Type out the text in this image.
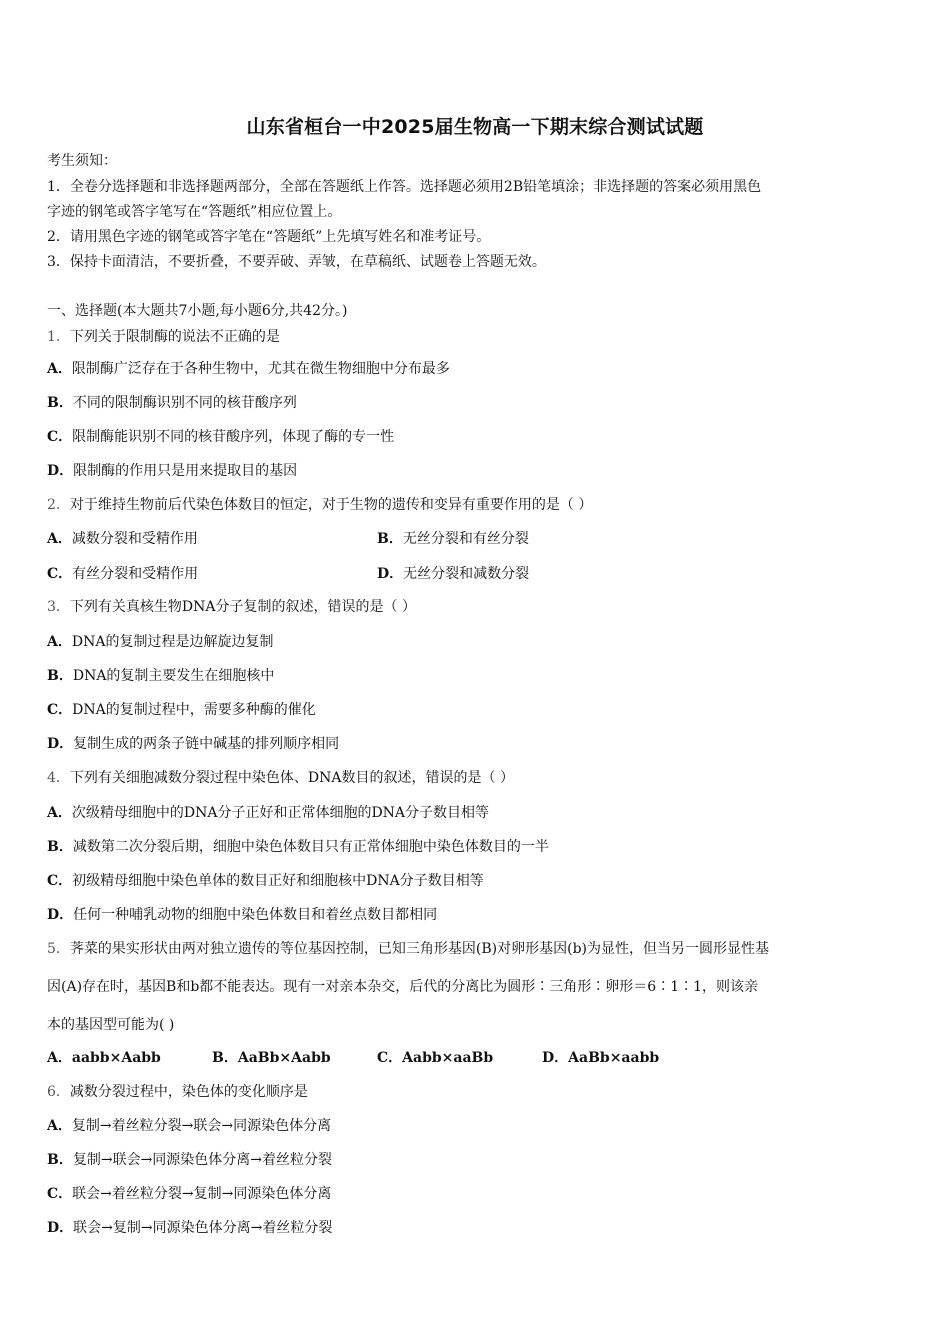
山东省桓台一中2025届生物高一下期末综合测试试题
考生须知：
1．全卷分选择题和非选择题两部分，全部在答题纸上作答。选择题必须用2B铅笔填涂；非选择题的答案必须用黑色
字迹的钢笔或答字笔写在“答题纸”相应位置上。
2．请用黑色字迹的钢笔或答字笔在“答题纸”上先填写姓名和准考证号。
3．保持卡面清洁，不要折叠，不要弄破、弄皱，在草稿纸、试题卷上答题无效。
一、选择题(本大题共7小题,每小题6分,共42分。)
1．下列关于限制酶的说法不正确的是
A．限制酶广泛存在于各种生物中，尤其在微生物细胞中分布最多
B．不同的限制酶识别不同的核苷酸序列
C．限制酶能识别不同的核苷酸序列，体现了酶的专一性
D．限制酶的作用只是用来提取目的基因
2．对于维持生物前后代染色体数目的恒定，对于生物的遗传和变异有重要作用的是（ ）
A．减数分裂和受精作用	B．无丝分裂和有丝分裂
C．有丝分裂和受精作用	D．无丝分裂和减数分裂
3．下列有关真核生物DNA分子复制的叙述，错误的是（ ）
A．DNA的复制过程是边解旋边复制
B．DNA的复制主要发生在细胞核中
C．DNA的复制过程中，需要多种酶的催化
D．复制生成的两条子链中碱基的排列顺序相同
4．下列有关细胞减数分裂过程中染色体、DNA数目的叙述，错误的是（ ）
A．次级精母细胞中的DNA分子正好和正常体细胞的DNA分子数目相等
B．减数第二次分裂后期，细胞中染色体数目只有正常体细胞中染色体数目的一半
C．初级精母细胞中染色单体的数目正好和细胞核中DNA分子数目相等
D．任何一种哺乳动物的细胞中染色体数目和着丝点数目都相同
5．荠菜的果实形状由两对独立遗传的等位基因控制，已知三角形基因(B)对卵形基因(b)为显性，但当另一圆形显性基
因(A)存在时，基因B和b都不能表达。现有一对亲本杂交，后代的分离比为圆形∶三角形∶卵形＝6∶1∶1，则该亲
本的基因型可能为( )
A．aabb×Aabb	B．AaBb×Aabb	C．Aabb×aaBb	D．AaBb×aabb
6．减数分裂过程中，染色体的变化顺序是
A．复制→着丝粒分裂→联会→同源染色体分离
B．复制→联会→同源染色体分离→着丝粒分裂
C．联会→着丝粒分裂→复制→同源染色体分离
D．联会→复制→同源染色体分离→着丝粒分裂
